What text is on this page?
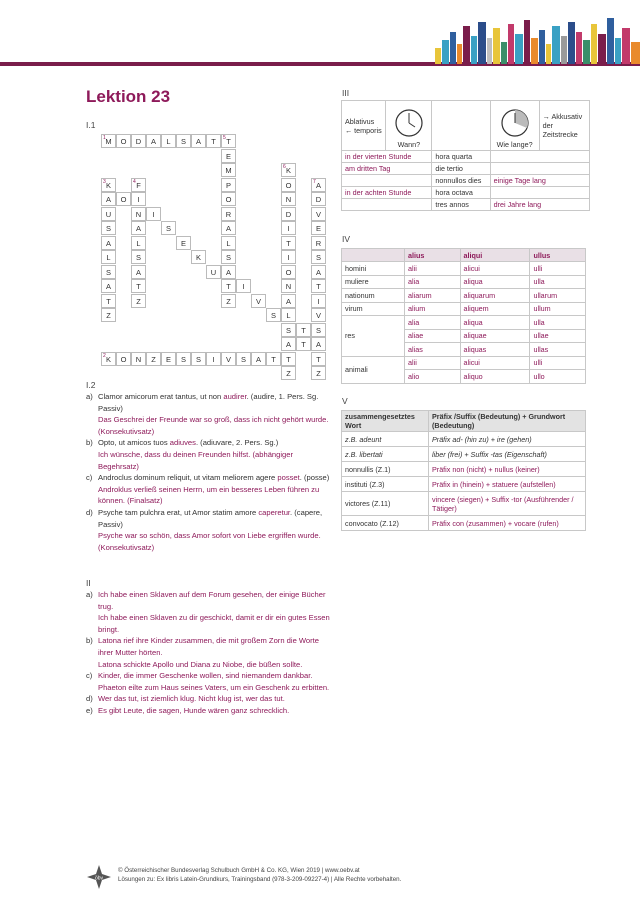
Lektion 23
I.1
1 M	O	D	A	L	S	A	T	5 T
2 K	O	N	Z	E	S	S	I	V	S	A	T	T
3 K
A
U
S
A
L
S
A
T
Z
4 F
I
N
A
L
S
A
T
Z
E
M
P
O
R
A
L
S
A
T
Z
6 K
O
N
D
I
T
I
O
N
A
L
S
A
Z
7 A
D
V
E
R
S
A
T
I
V
S
A
T
Z
O
I
S
E
K
U
I
V
S
T
T
I.2
a) Clamor amicorum erat tantus, ut non audirer. (audire, 1. Pers. Sg. Passiv)
Das Geschrei der Freunde war so groß, dass ich nicht gehört wurde. (Konsekutivsatz)
b) Opto, ut amicos tuos adiuves. (adiuvare, 2. Pers. Sg.)
Ich wünsche, dass du deinen Freunden hilfst. (abhängiger Begehrsatz)
c) Androclus dominum reliquit, ut vitam meliorem agere posset. (posse)
Androklus verließ seinen Herrn, um ein besseres Leben führen zu können. (Finalsatz)
d) Psyche tam pulchra erat, ut Amor statim amore caperetur. (capere, Passiv)
Psyche war so schön, dass Amor sofort von Liebe ergriffen wurde. (Konsekutivsatz)
II
a) Ich habe einen Sklaven auf dem Forum gesehen, der einige Bücher trug.
Ich habe einen Sklaven zu dir geschickt, damit er dir ein gutes Essen bringt.
b) Latona rief ihre Kinder zusammen, die mit großem Zorn die Worte ihrer Mutter hörten.
Latona schickte Apollo und Diana zu Niobe, die büßen sollte.
c) Kinder, die immer Geschenke wollen, sind niemandem dankbar.
Phaeton eilte zum Haus seines Vaters, um ein Geschenk zu erbitten.
d) Wer das tut, ist ziemlich klug. Nicht klug ist, wer das tut.
e) Es gibt Leute, die sagen, Hunde wären ganz schrecklich.
III
Ablativus ← temporis	Wann?		Wie lange?	→ Akkusativ der Zeitstrecke
in der vierten Stunde		hora quarta		
am dritten Tag		die tertio		
		nonnullos dies	einige Tage lang	
in der achten Stunde		hora octava		
		tres annos	drei Jahre lang	
IV
	alius	aliqui	ullus
homini	alii	alicui	ulli
muliere	alia	aliqua	ulla
nationum	aliarum	aliquarum	ullarum
virum	alium	aliquem	ullum
res	alia	aliqua	ulla
	aliae	aliquae	ullae
	alias	aliquas	ullas
animali	alii	alicui	ulli
	alio	aliquo	ullo
V
zusammengesetztes Wort	Präfix /Suffix (Bedeutung) + Grundwort (Bedeutung)
z.B. adeunt	Präfix ad- (hin zu) + ire (gehen)
z.B. libertati	liber (frei) + Suffix -tas (Eigenschaft)
nonnullis (Z.1)	Präfix non (nicht) + nullus (keiner)
instituti (Z.3)	Präfix in (hinein) + statuere (aufstellen)
victores (Z.11)	vincere (siegen) + Suffix -tor (Ausführender / Tätiger)
convocato (Z.12)	Präfix con (zusammen) + vocare (rufen)
öbv
© Österreichischer Bundesverlag Schulbuch GmbH & Co. KG, Wien 2019 | www.oebv.at
Lösungen zu: Ex libris Latein-Grundkurs, Trainingsband (978-3-209-09227-4) | Alle Rechte vorbehalten.
